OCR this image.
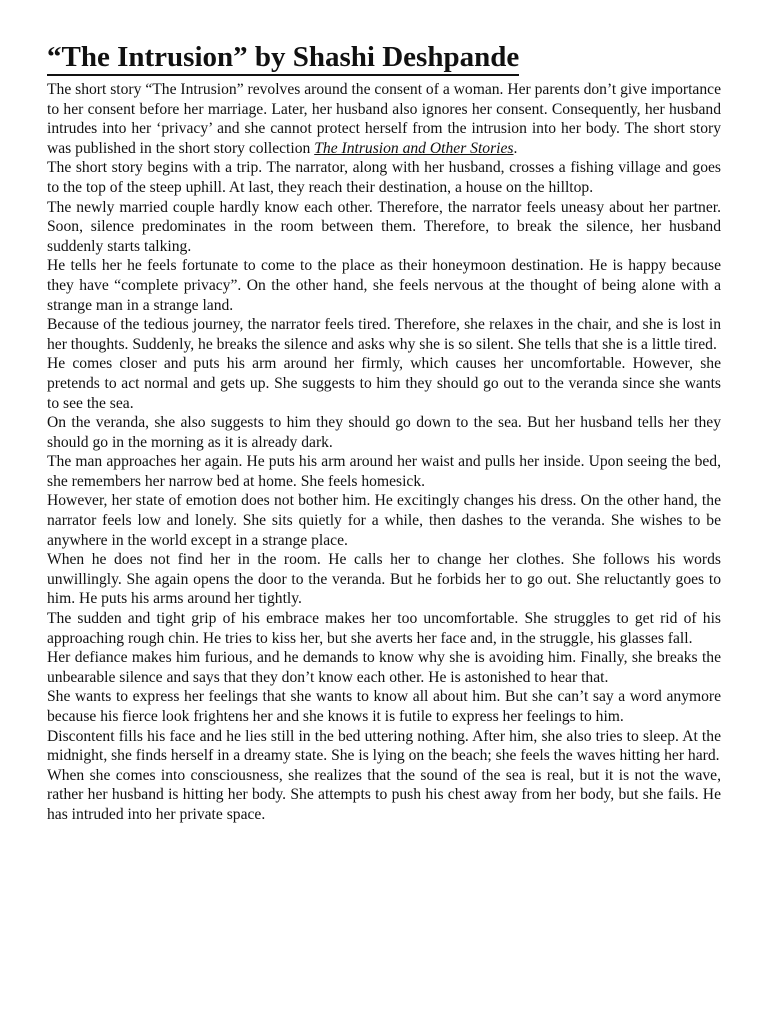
“The Intrusion” by Shashi Deshpande

The short story “The Intrusion” revolves around the consent of a woman. Her parents don’t give importance to her consent before her marriage. Later, her husband also ignores her consent. Consequently, her husband intrudes into her ‘privacy’ and she cannot protect herself from the intrusion into her body. The short story was published in the short story collection The Intrusion and Other Stories.

The short story begins with a trip. The narrator, along with her husband, crosses a fishing village and goes to the top of the steep uphill. At last, they reach their destination, a house on the hilltop.

The newly married couple hardly know each other. Therefore, the narrator feels uneasy about her partner. Soon, silence predominates in the room between them. Therefore, to break the silence, her husband suddenly starts talking.

He tells her he feels fortunate to come to the place as their honeymoon destination. He is happy because they have “complete privacy”. On the other hand, she feels nervous at the thought of being alone with a strange man in a strange land.

Because of the tedious journey, the narrator feels tired. Therefore, she relaxes in the chair, and she is lost in her thoughts. Suddenly, he breaks the silence and asks why she is so silent. She tells that she is a little tired.

He comes closer and puts his arm around her firmly, which causes her uncomfortable. However, she pretends to act normal and gets up. She suggests to him they should go out to the veranda since she wants to see the sea.

On the veranda, she also suggests to him they should go down to the sea. But her husband tells her they should go in the morning as it is already dark.

The man approaches her again. He puts his arm around her waist and pulls her inside. Upon seeing the bed, she remembers her narrow bed at home. She feels homesick.

However, her state of emotion does not bother him. He excitingly changes his dress. On the other hand, the narrator feels low and lonely. She sits quietly for a while, then dashes to the veranda. She wishes to be anywhere in the world except in a strange place.

When he does not find her in the room. He calls her to change her clothes. She follows his words unwillingly. She again opens the door to the veranda. But he forbids her to go out. She reluctantly goes to him. He puts his arms around her tightly.

The sudden and tight grip of his embrace makes her too uncomfortable. She struggles to get rid of his approaching rough chin. He tries to kiss her, but she averts her face and, in the struggle, his glasses fall.

Her defiance makes him furious, and he demands to know why she is avoiding him. Finally, she breaks the unbearable silence and says that they don’t know each other. He is astonished to hear that.

She wants to express her feelings that she wants to know all about him. But she can’t say a word anymore because his fierce look frightens her and she knows it is futile to express her feelings to him.

Discontent fills his face and he lies still in the bed uttering nothing. After him, she also tries to sleep. At the midnight, she finds herself in a dreamy state. She is lying on the beach; she feels the waves hitting her hard.

When she comes into consciousness, she realizes that the sound of the sea is real, but it is not the wave, rather her husband is hitting her body. She attempts to push his chest away from her body, but she fails. He has intruded into her private space.
